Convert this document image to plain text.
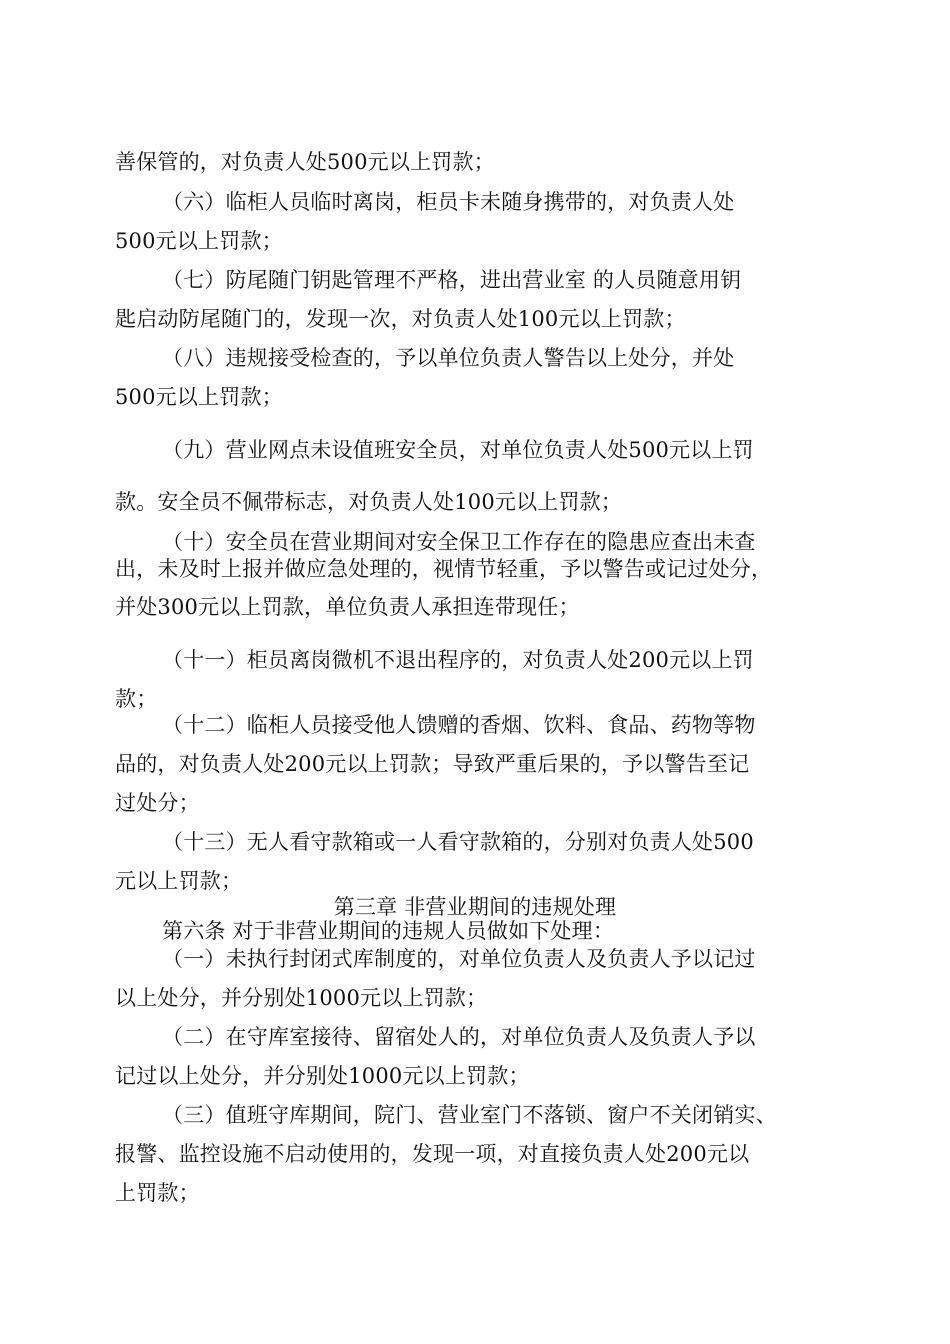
善保管的，对负责人处500元以上罚款；
（六）临柜人员临时离岗，柜员卡未随身携带的，对负责人处
500元以上罚款；
（七）防尾随门钥匙管理不严格，进出营业室 的人员随意用钥
匙启动防尾随门的，发现一次，对负责人处100元以上罚款；
（八）违规接受检查的，予以单位负责人警告以上处分，并处
500元以上罚款；
（九）营业网点未设值班安全员，对单位负责人处500元以上罚
款。安全员不佩带标志，对负责人处100元以上罚款；
（十）安全员在营业期间对安全保卫工作存在的隐患应查出未查
出，未及时上报并做应急处理的，视情节轻重，予以警告或记过处分，
并处300元以上罚款，单位负责人承担连带现任；
（十一）柜员离岗微机不退出程序的，对负责人处200元以上罚
款；
（十二）临柜人员接受他人馈赠的香烟、饮料、食品、药物等物
品的，对负责人处200元以上罚款；导致严重后果的，予以警告至记
过处分；
（十三）无人看守款箱或一人看守款箱的，分别对负责人处500
元以上罚款；
第三章 非营业期间的违规处理
第六条 对于非营业期间的违规人员做如下处理：
（一）未执行封闭式库制度的，对单位负责人及负责人予以记过
以上处分，并分别处1000元以上罚款；
（二）在守库室接待、留宿处人的，对单位负责人及负责人予以
记过以上处分，并分别处1000元以上罚款；
（三）值班守库期间，院门、营业室门不落锁、窗户不关闭销实、
报警、监控设施不启动使用的，发现一项，对直接负责人处200元以
上罚款；
